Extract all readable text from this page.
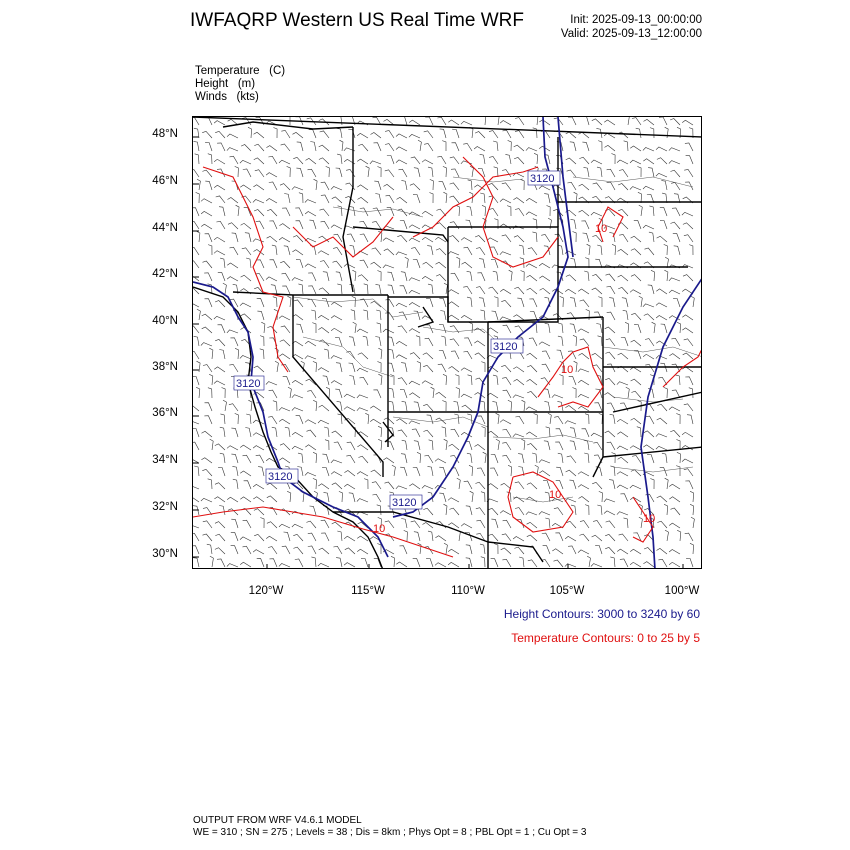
IWFAQRP Western US Real Time WRF	Init: 2025-09-13_00:00:00
Valid: 2025-09-13_12:00:00
Temperature   (C)
Height   (m)
Winds   (kts)
48°N
46°N
44°N
42°N
40°N
38°N
36°N
34°N
32°N
30°N
3120
3120
3120
3120
3120
10
10
10
10
10
120°W	115°W	110°W	105°W	100°W
Height Contours: 3000 to 3240 by 60
Temperature Contours: 0 to 25 by 5
OUTPUT FROM WRF V4.6.1 MODEL
WE = 310 ; SN = 275 ; Levels = 38 ; Dis = 8km ; Phys Opt = 8 ; PBL Opt = 1 ; Cu Opt = 3
